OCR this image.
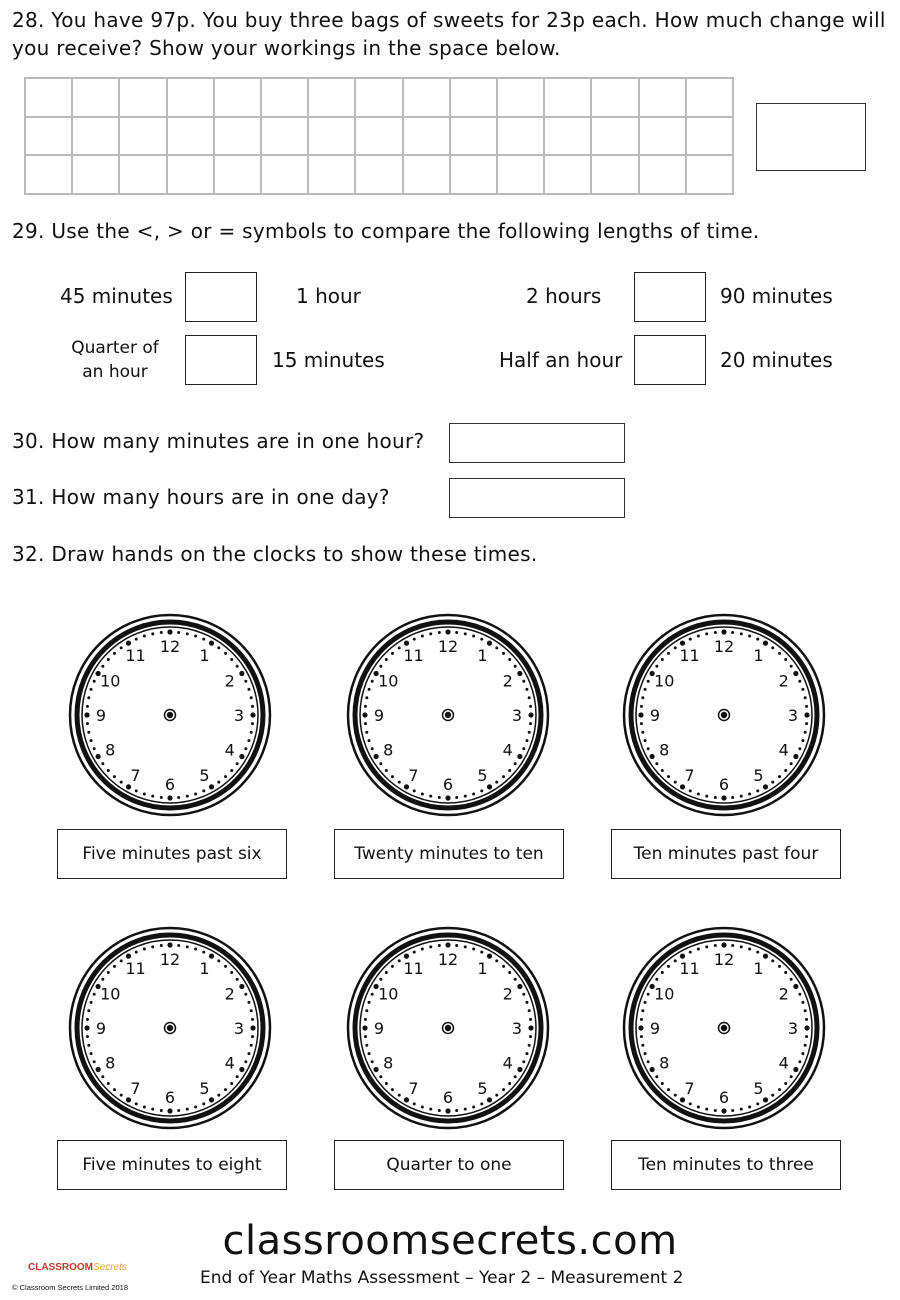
28. You have 97p. You buy three bags of sweets for 23p each. How much change will
you receive? Show your workings in the space below.
29. Use the <, > or = symbols to compare the following lengths of time.
45 minutes	1 hour	2 hours	90 minutes
Quarter of
an hour	15 minutes	Half an hour	20 minutes
30. How many minutes are in one hour?
31. How many hours are in one day?
32. Draw hands on the clocks to show these times.
12 1
2
3
4
5
6
7
8
9
10
11	12 1
2
3
4
5
6
7
8
9
10
11	12 1
2
3
4
5
6
7
8
9
10
11
Five minutes past six	Twenty minutes to ten	Ten minutes past four
12 1
2
3
4
5
6
7
8
9
10
11	12 1
2
3
4
5
6
7
8
9
10
11	12 1
2
3
4
5
6
7
8
9
10
11
Five minutes to eight	Quarter to one	Ten minutes to three
classroomsecrets.com
End of Year Maths Assessment – Year 2 – Measurement 2
CLASSROOMSecrets
© Classroom Secrets Limited 2018
